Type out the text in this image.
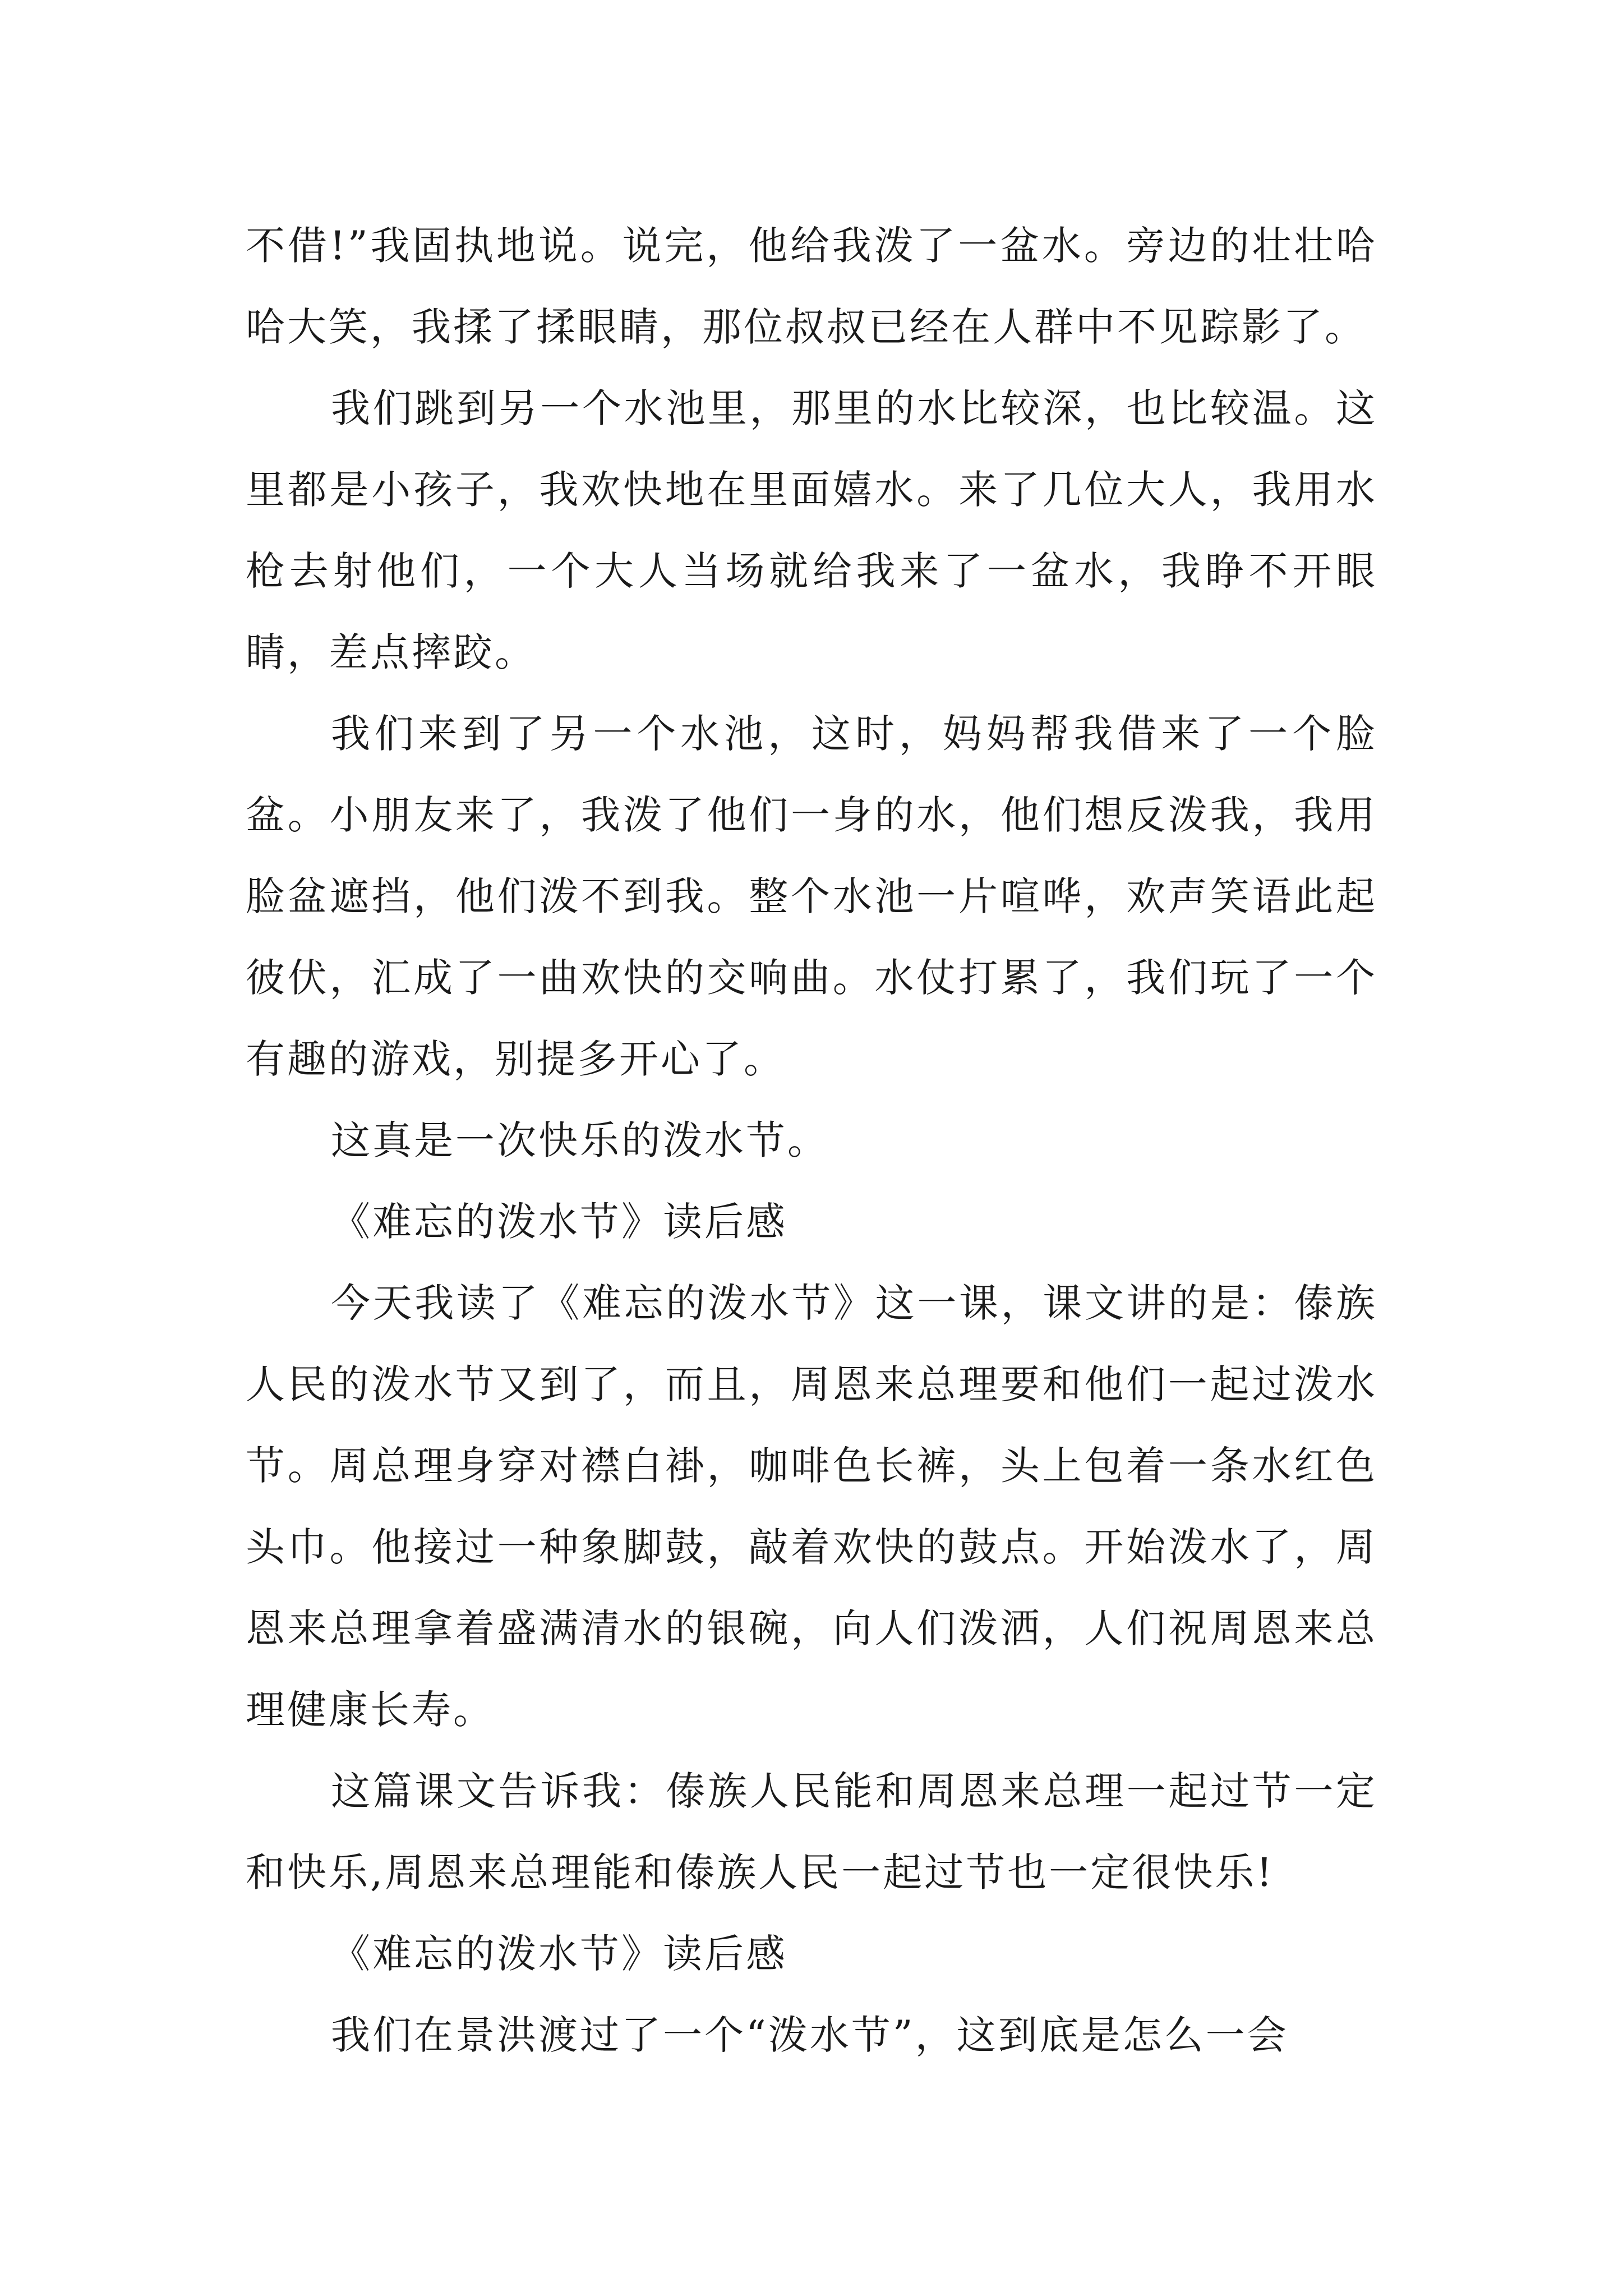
不借!”我固执地说。说完，他给我泼了一盆水。旁边的壮壮哈哈大笑，我揉了揉眼睛，那位叔叔已经在人群中不见踪影了。

我们跳到另一个水池里，那里的水比较深，也比较温。这里都是小孩子，我欢快地在里面嬉水。来了几位大人，我用水枪去射他们，一个大人当场就给我来了一盆水，我睁不开眼睛，差点摔跤。

我们来到了另一个水池，这时，妈妈帮我借来了一个脸盆。小朋友来了，我泼了他们一身的水，他们想反泼我，我用脸盆遮挡，他们泼不到我。整个水池一片喧哗，欢声笑语此起彼伏，汇成了一曲欢快的交响曲。水仗打累了，我们玩了一个有趣的游戏，别提多开心了。

这真是一次快乐的泼水节。

《难忘的泼水节》读后感

今天我读了《难忘的泼水节》这一课，课文讲的是：傣族人民的泼水节又到了，而且，周恩来总理要和他们一起过泼水节。周总理身穿对襟白褂，咖啡色长裤，头上包着一条水红色头巾。他接过一种象脚鼓，敲着欢快的鼓点。开始泼水了，周恩来总理拿着盛满清水的银碗，向人们泼洒，人们祝周恩来总理健康长寿。

这篇课文告诉我：傣族人民能和周恩来总理一起过节一定和快乐,周恩来总理能和傣族人民一起过节也一定很快乐!

《难忘的泼水节》读后感

我们在景洪渡过了一个“泼水节”，这到底是怎么一会
